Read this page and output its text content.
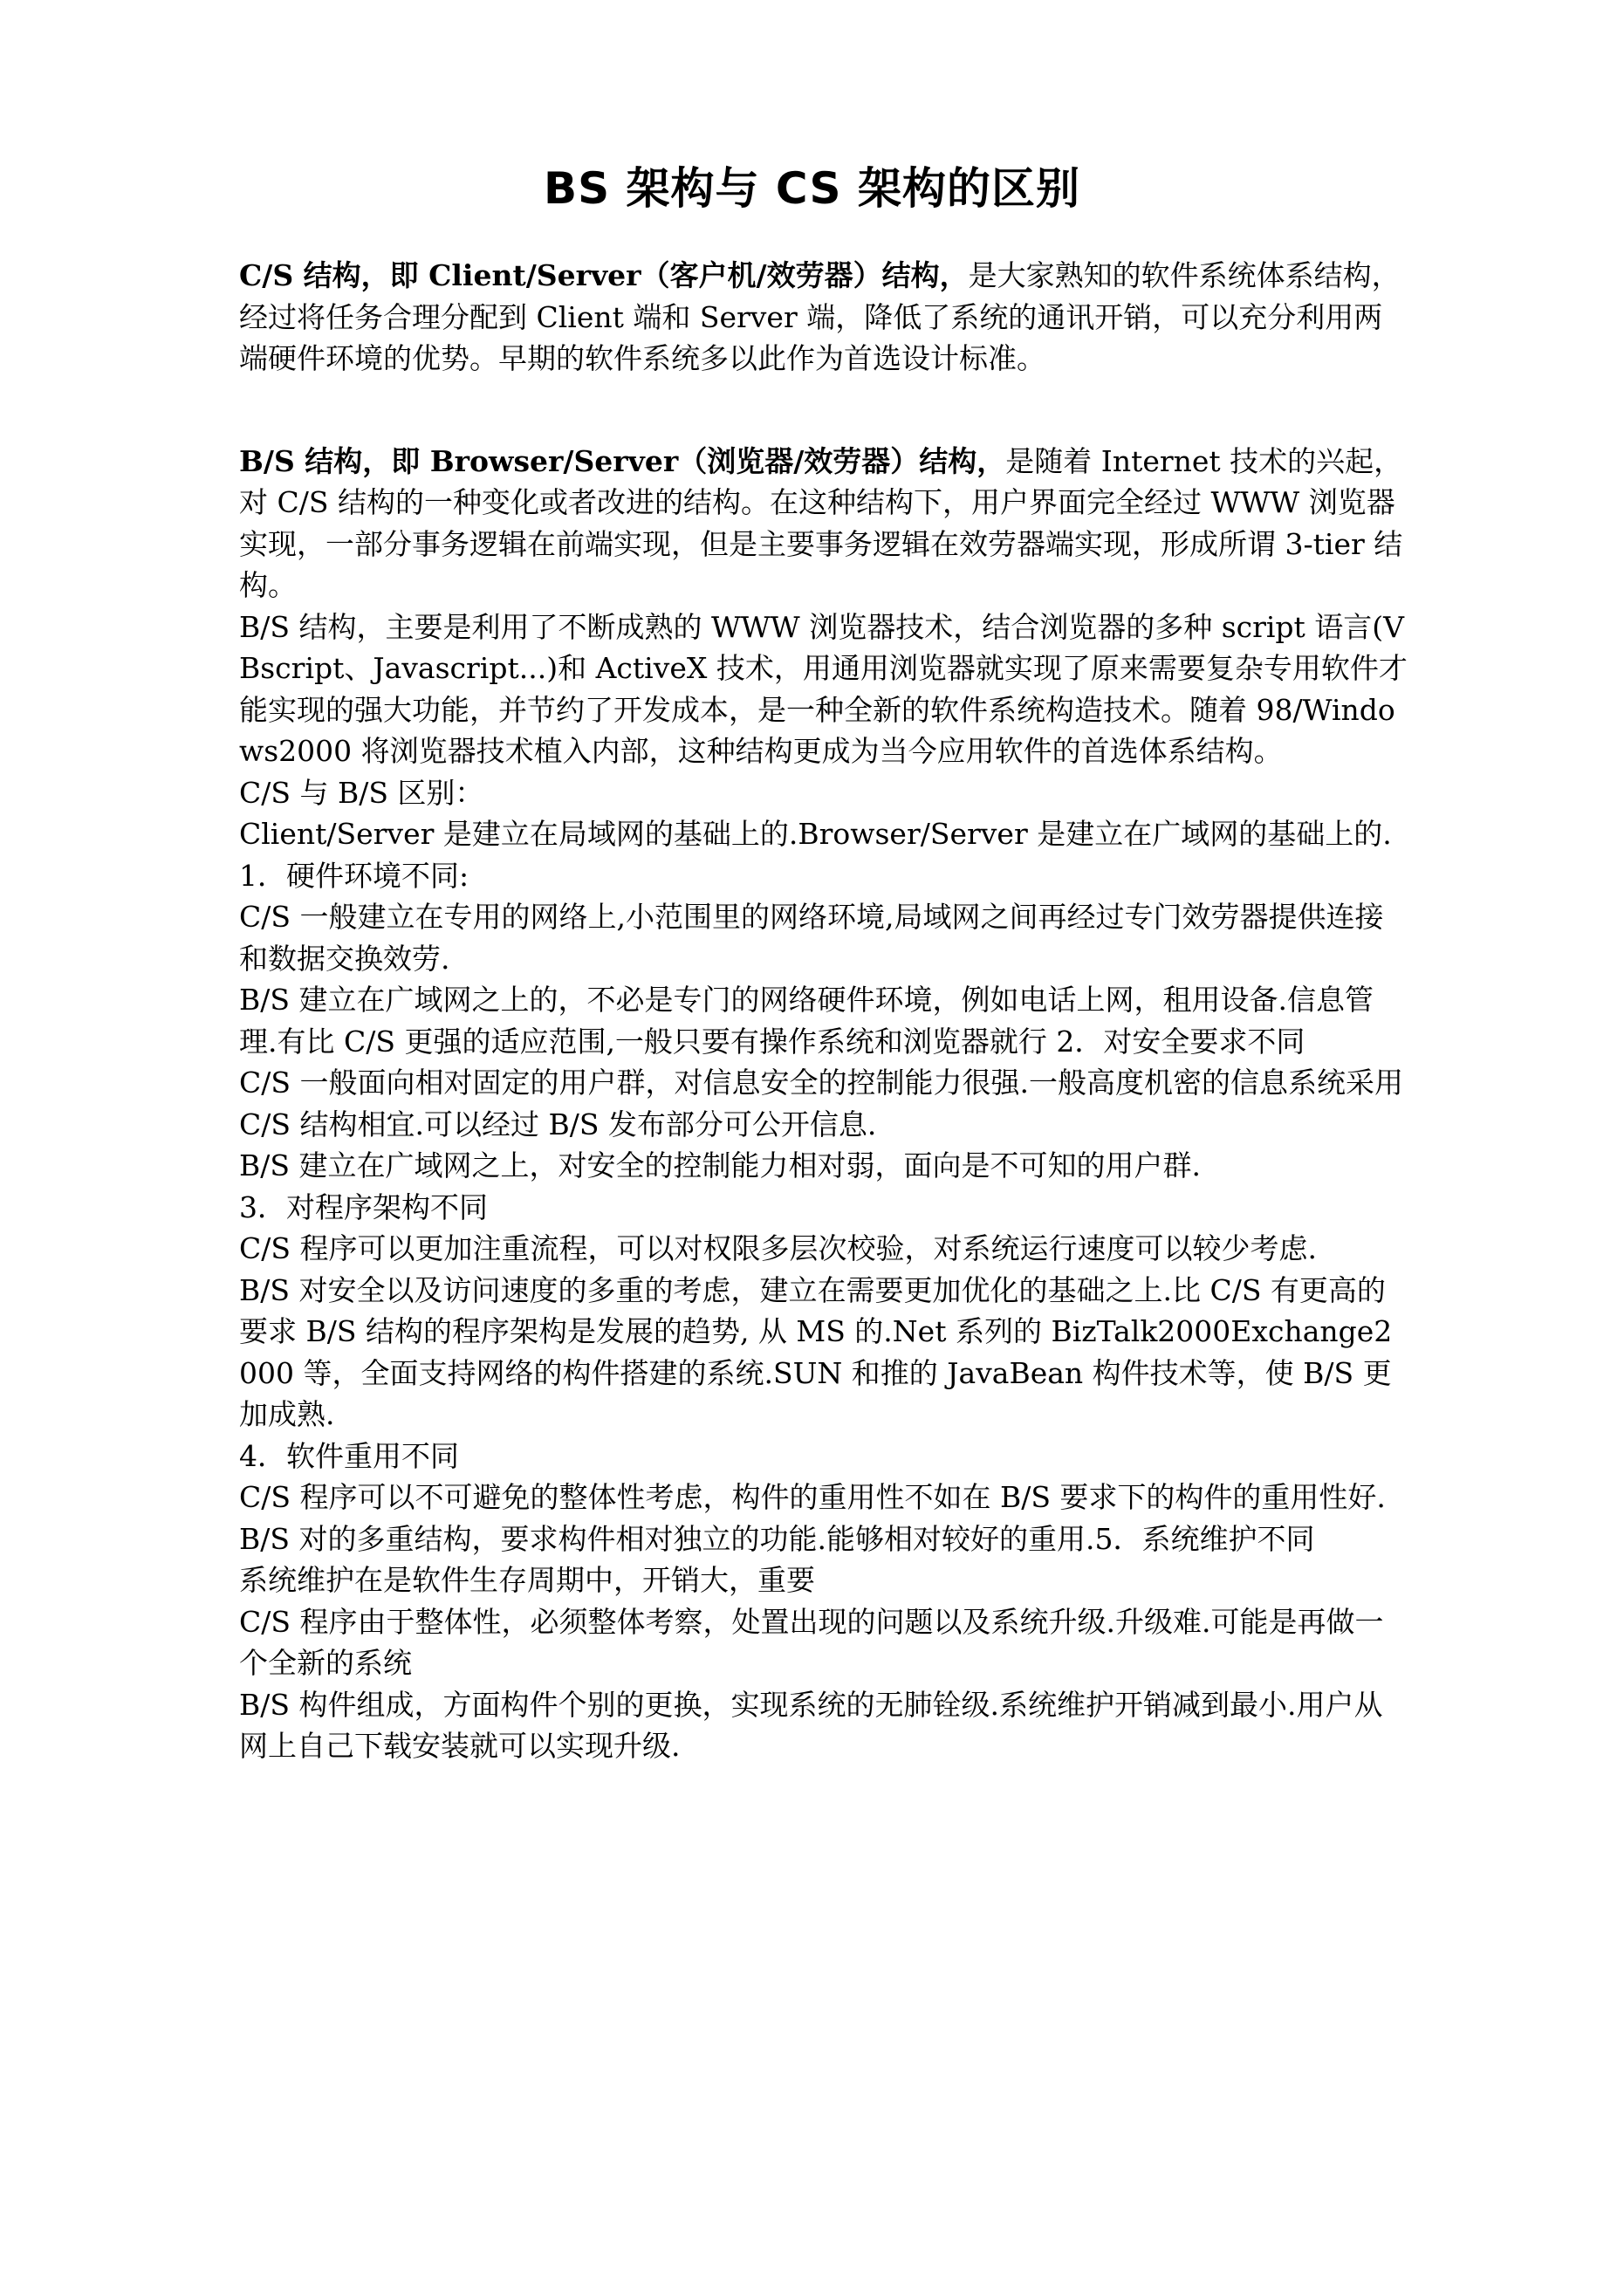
BS 架构与 CS 架构的区别

C/S 结构，即 Client/Server（客户机/效劳器）结构，是大家熟知的软件系统体系结构，经过将任务合理分配到 Client 端和 Server 端，降低了系统的通讯开销，可以充分利用两端硬件环境的优势。早期的软件系统多以此作为首选设计标准。

B/S 结构，即 Browser/Server（浏览器/效劳器）结构，是随着 Internet 技术的兴起，对 C/S 结构的一种变化或者改进的结构。在这种结构下，用户界面完全经过 WWW 浏览器实现，一部分事务逻辑在前端实现，但是主要事务逻辑在效劳器端实现，形成所谓 3-tier 结构。

B/S 结构，主要是利用了不断成熟的 WWW 浏览器技术，结合浏览器的多种 script 语言(VBscript、Javascript...)和 ActiveX 技术，用通用浏览器就实现了原来需要复杂专用软件才能实现的强大功能，并节约了开发成本，是一种全新的软件系统构造技术。随着 98/Windows2000 将浏览器技术植入内部，这种结构更成为当今应用软件的首选体系结构。

C/S 与 B/S 区别：

Client/Server 是建立在局域网的基础上的.Browser/Server 是建立在广域网的基础上的.

1．硬件环境不同:

C/S 一般建立在专用的网络上,小范围里的网络环境,局域网之间再经过专门效劳器提供连接和数据交换效劳.

B/S 建立在广域网之上的，不必是专门的网络硬件环境，例如电话上网，租用设备.信息管理.有比 C/S 更强的适应范围,一般只要有操作系统和浏览器就行 2．对安全要求不同

C/S 一般面向相对固定的用户群，对信息安全的控制能力很强.一般高度机密的信息系统采用 C/S 结构相宜.可以经过 B/S 发布部分可公开信息.

B/S 建立在广域网之上，对安全的控制能力相对弱，面向是不可知的用户群.

3．对程序架构不同

C/S 程序可以更加注重流程，可以对权限多层次校验，对系统运行速度可以较少考虑.

B/S 对安全以及访问速度的多重的考虑，建立在需要更加优化的基础之上.比 C/S 有更高的要求 B/S 结构的程序架构是发展的趋势, 从 MS 的.Net 系列的 BizTalk2000Exchange2000 等，全面支持网络的构件搭建的系统.SUN 和推的 JavaBean 构件技术等，使 B/S 更加成熟.

4．软件重用不同

C/S 程序可以不可避免的整体性考虑，构件的重用性不如在 B/S 要求下的构件的重用性好.

B/S 对的多重结构，要求构件相对独立的功能.能够相对较好的重用.5．系统维护不同

系统维护在是软件生存周期中，开销大，重要

C/S 程序由于整体性，必须整体考察，处置出现的问题以及系统升级.升级难.可能是再做一个全新的系统

B/S 构件组成，方面构件个别的更换，实现系统的无肺铨级.系统维护开销减到最小.用户从网上自己下载安装就可以实现升级.
